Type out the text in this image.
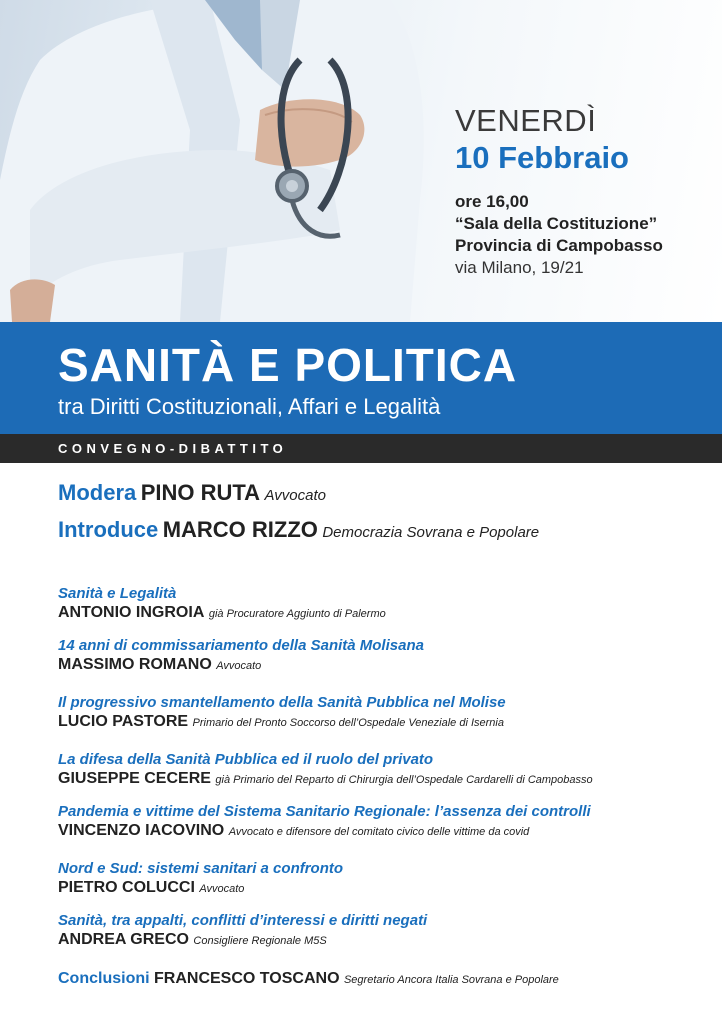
VENERDÌ
10 Febbraio
ore 16,00
“Sala della Costituzione”
Provincia di Campobasso
via Milano, 19/21
SANITÀ E POLITICA
tra Diritti Costituzionali, Affari e Legalità
CONVEGNO-DIBATTITO
Modera PINO RUTA Avvocato
Introduce MARCO RIZZO Democrazia Sovrana e Popolare
Sanità e Legalità
ANTONIO INGROIA già Procuratore Aggiunto di Palermo
14 anni di commissariamento della Sanità Molisana
MASSIMO ROMANO Avvocato
Il progressivo smantellamento della Sanità Pubblica nel Molise
LUCIO PASTORE Primario del Pronto Soccorso dell’Ospedale Veneziale di Isernia
La difesa della Sanità Pubblica ed il ruolo del privato
GIUSEPPE CECERE già Primario del Reparto di Chirurgia dell’Ospedale Cardarelli di Campobasso
Pandemia e vittime del Sistema Sanitario Regionale: l’assenza dei controlli
VINCENZO IACOVINO Avvocato e difensore del comitato civico delle vittime da covid
Nord e Sud: sistemi sanitari a confronto
PIETRO COLUCCI Avvocato
Sanità, tra appalti, conflitti d’interessi e diritti negati
ANDREA GRECO Consigliere Regionale M5S
Conclusioni FRANCESCO TOSCANO Segretario Ancora Italia Sovrana e Popolare
